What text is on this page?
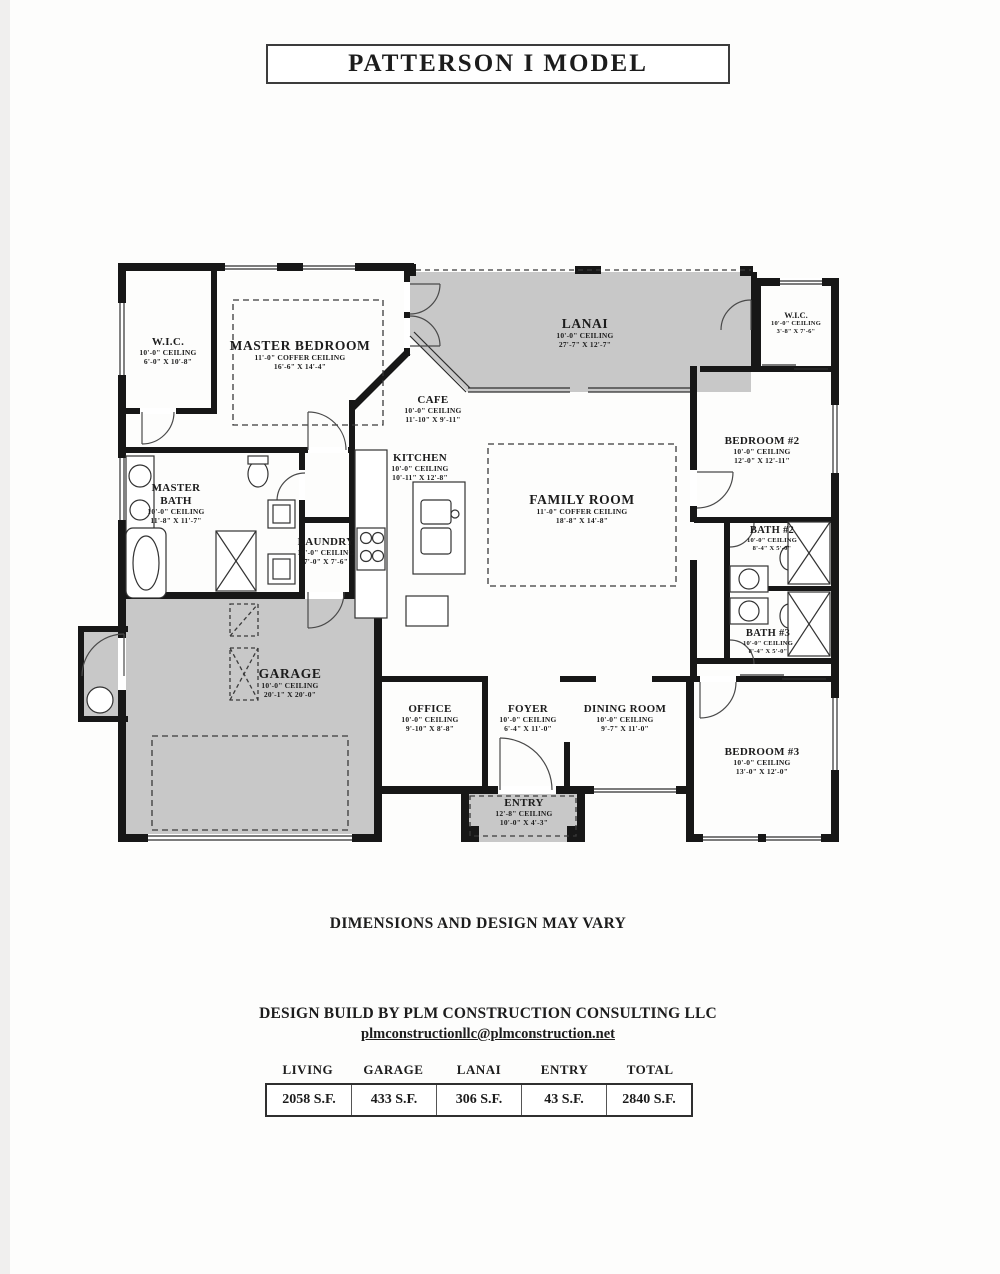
PATTERSON I MODEL
W.I.C.
10'-0" CEILING
6'-0" X 10'-8"
MASTER BEDROOM
11'-0" COFFER CEILING
16'-6" X 14'-4"
LANAI
10'-0" CEILING
27'-7" X 12'-7"
CAFE
10'-0" CEILING
11'-10" X 9'-11"
KITCHEN
10'-0" CEILING
10'-11" X 12'-8"
FAMILY ROOM
11'-0" COFFER CEILING
18'-8" X 14'-8"
W.I.C.
10'-0" CEILING
3'-8" X 7'-6"
BEDROOM #2
10'-0" CEILING
12'-0" X 12'-11"
MASTER BATH
10'-0" CEILING
11'-8" X 11'-7"
LAUNDRY
10'-0" CEILING
7'-0" X 7'-6"
BATH #2
10'-0" CEILING
8'-4" X 5'-0"
BATH #3
10'-0" CEILING
8'-4" X 5'-0"
GARAGE
10'-0" CEILING
20'-1" X 20'-0"
OFFICE
10'-0" CEILING
9'-10" X 8'-8"
FOYER
10'-0" CEILING
6'-4" X 11'-0"
DINING ROOM
10'-0" CEILING
9'-7" X 11'-0"
ENTRY
12'-8" CEILING
10'-0" X 4'-3"
BEDROOM #3
10'-0" CEILING
13'-0" X 12'-0"
DIMENSIONS AND DESIGN MAY VARY
DESIGN BUILD BY PLM CONSTRUCTION CONSULTING LLC
plmconstructionllc@plmconstruction.net
LIVING	GARAGE	LANAI	ENTRY	TOTAL
2058 S.F.	433 S.F.	306 S.F.	43 S.F.	2840 S.F.
